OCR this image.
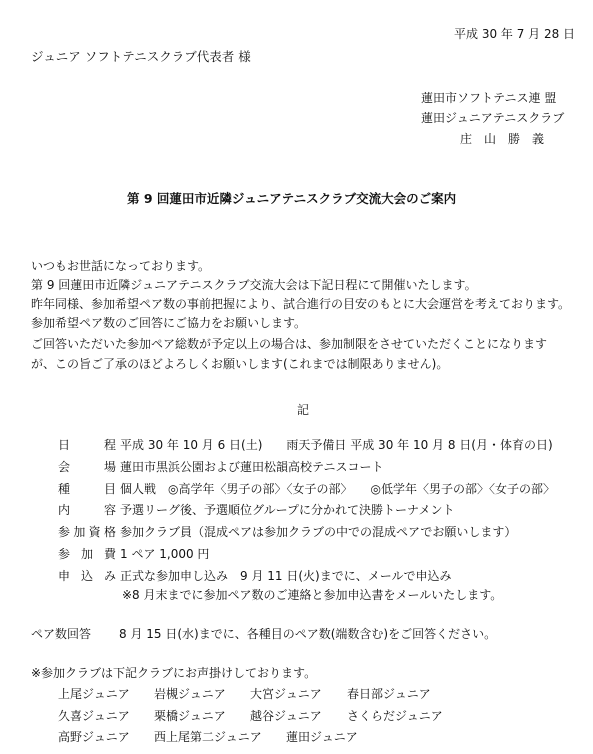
平成 30 年 7 月 28 日
ジュニア ソフトテニスクラブ代表者 様
蓮田市ソフトテニス連 盟
蓮田ジュニアテニスクラブ
庄　山　勝　義
第 9 回蓮田市近隣ジュニアテニスクラブ交流大会のご案内
いつもお世話になっております。
第 9 回蓮田市近隣ジュニアテニスクラブ交流大会は下記日程にて開催いたします。
昨年同様、参加希望ペア数の事前把握により、試合進行の目安のもとに大会運営を考えております。
参加希望ペア数のご回答にご協力をお願いします。
ご回答いただいた参加ペア総数が予定以上の場合は、参加制限をさせていただくことになります
が、この旨ご了承のほどよろしくお願いします(これまでは制限ありません)。
記
日	程 平成 30 年 10 月 6 日(土)　　雨天予備日 平成 30 年 10 月 8 日(月・体育の日)
会	場 蓮田市黒浜公園および蓮田松韻高校テニスコート
種	目 個人戦　◎高学年〈男子の部〉〈女子の部〉　　◎低学年〈男子の部〉〈女子の部〉
内	容 予選リーグ後、予選順位グループに分かれて決勝トーナメント
参 加 資 格 参加クラブ員（混成ペアは参加クラブの中での混成ペアでお願いします）
参 加 費 1 ペア 1,000 円
申 込 み 正式な参加申し込み　9 月 11 日(火)までに、メールで申込み
※8 月末までに参加ペア数のご連絡と参加申込書をメールいたします。
ペア数回答 8 月 15 日(水)までに、各種目のペア数(端数含む)をご回答ください。
※参加クラブは下記クラブにお声掛けしております。
上尾ジュニア 岩槻ジュニア 大宮ジュニア 春日部ジュニア
久喜ジュニア 栗橋ジュニア 越谷ジュニア さくらだジュニア
高野ジュニア 西上尾第二ジュニア 蓮田ジュニア
